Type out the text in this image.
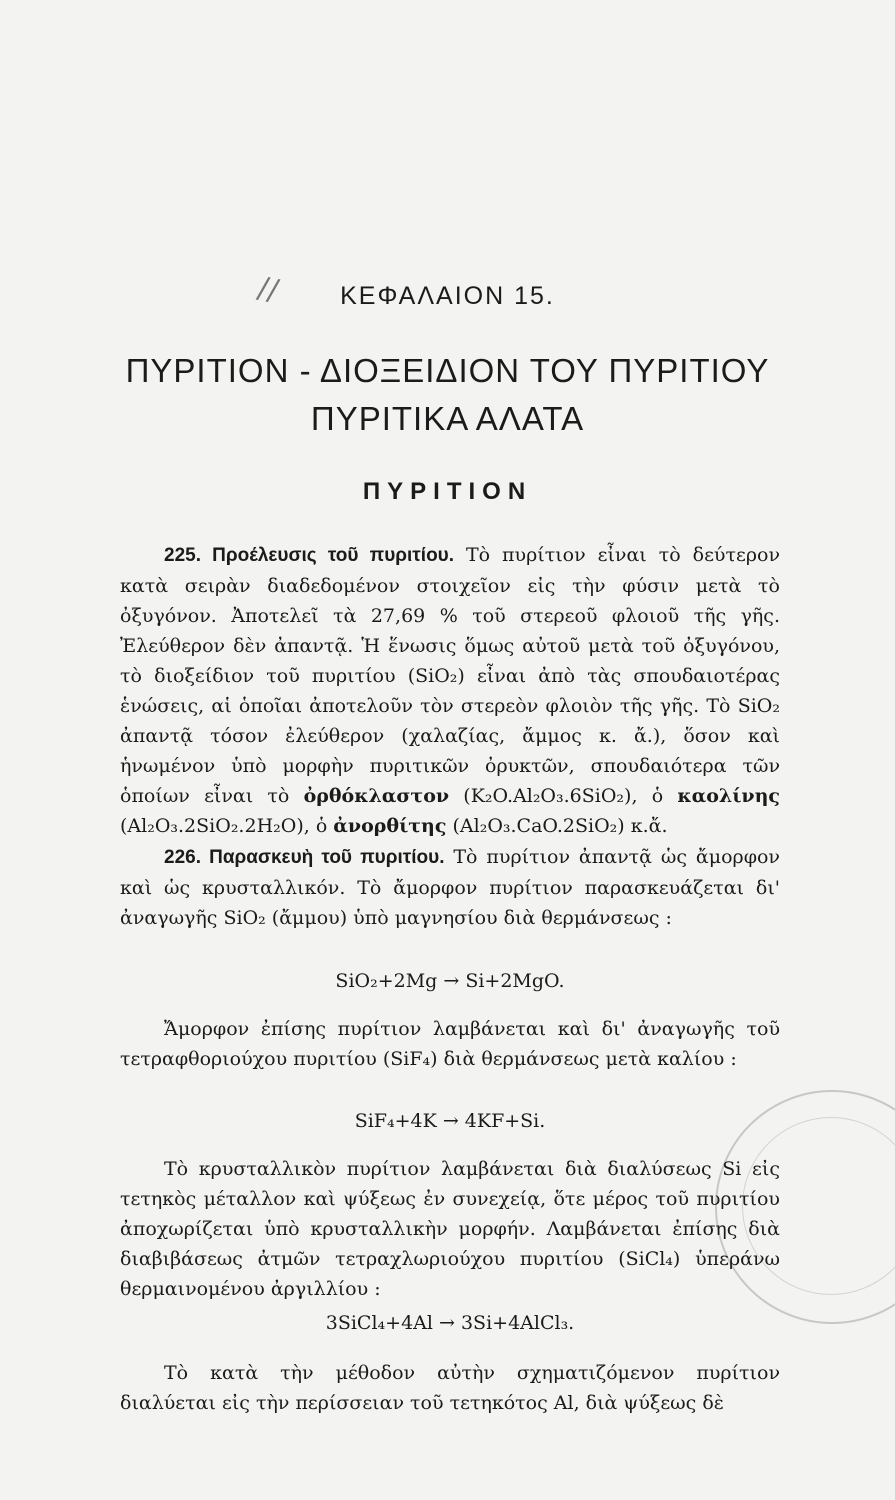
//	ΚΕΦΑΛΑΙΟΝ 15.
ΠΥΡΙΤΙΟΝ - ΔΙΟΞΕΙΔΙΟΝ ΤΟΥ ΠΥΡΙΤΙΟΥ
ΠΥΡΙΤΙΚΑ ΑΛΑΤΑ
ΠΥΡΙΤΙΟΝ

225. Προέλευσις τοῦ πυριτίου. Τὸ πυρίτιον εἶναι τὸ δεύτερον κατὰ σειρὰν διαδεδομένον στοιχεῖον εἰς τὴν φύσιν μετὰ τὸ ὀξυγόνον. Ἀποτελεῖ τὰ 27,69 % τοῦ στερεοῦ φλοιοῦ τῆς γῆς. Ἐλεύθερον δὲν ἀπαντᾷ. Ἡ ἕνωσις ὅμως αὐτοῦ μετὰ τοῦ ὀξυγόνου, τὸ διοξείδιον τοῦ πυριτίου (SiO₂) εἶναι ἀπὸ τὰς σπουδαιοτέρας ἑνώσεις, αἱ ὁποῖαι ἀποτελοῦν τὸν στερεὸν φλοιὸν τῆς γῆς. Τὸ SiO₂ ἀπαντᾷ τόσον ἐλεύθερον (χαλαζίας, ἄμμος κ. ἄ.), ὅσον καὶ ἡνωμένον ὑπὸ μορφὴν πυριτικῶν ὀρυκτῶν, σπουδαιότερα τῶν ὁποίων εἶναι τὸ ὀρθόκλαστον (K₂O.Al₂O₃.6SiO₂), ὁ καολίνης (Al₂O₃.2SiO₂.2H₂O), ὁ ἀνορθίτης (Al₂O₃.CaO.2SiO₂) κ.ἄ.

226. Παρασκευὴ τοῦ πυριτίου. Τὸ πυρίτιον ἀπαντᾷ ὡς ἄμορφον καὶ ὡς κρυσταλλικόν. Τὸ ἄμορφον πυρίτιον παρασκευάζεται δι' ἀναγωγῆς SiO₂ (ἄμμου) ὑπὸ μαγνησίου διὰ θερμάνσεως :

SiO₂+2Mg → Si+2MgO.

Ἄμορφον ἐπίσης πυρίτιον λαμβάνεται καὶ δι' ἀναγωγῆς τοῦ τετραφθοριούχου πυριτίου (SiF₄) διὰ θερμάνσεως μετὰ καλίου :

SiF₄+4K → 4KF+Si.

Τὸ κρυσταλλικὸν πυρίτιον λαμβάνεται διὰ διαλύσεως Si εἰς τετηκὸς μέταλλον καὶ ψύξεως ἐν συνεχείᾳ, ὅτε μέρος τοῦ πυριτίου ἀποχωρίζεται ὑπὸ κρυσταλλικὴν μορφήν. Λαμβάνεται ἐπίσης διὰ διαβιβάσεως ἀτμῶν τετραχλωριούχου πυριτίου (SiCl₄) ὑπεράνω θερμαινομένου ἀργιλλίου :

3SiCl₄+4Al → 3Si+4AlCl₃.

Τὸ κατὰ τὴν μέθοδον αὐτὴν σχηματιζόμενον πυρίτιον διαλύεται εἰς τὴν περίσσειαν τοῦ τετηκότος Al, διὰ ψύξεως δὲ
